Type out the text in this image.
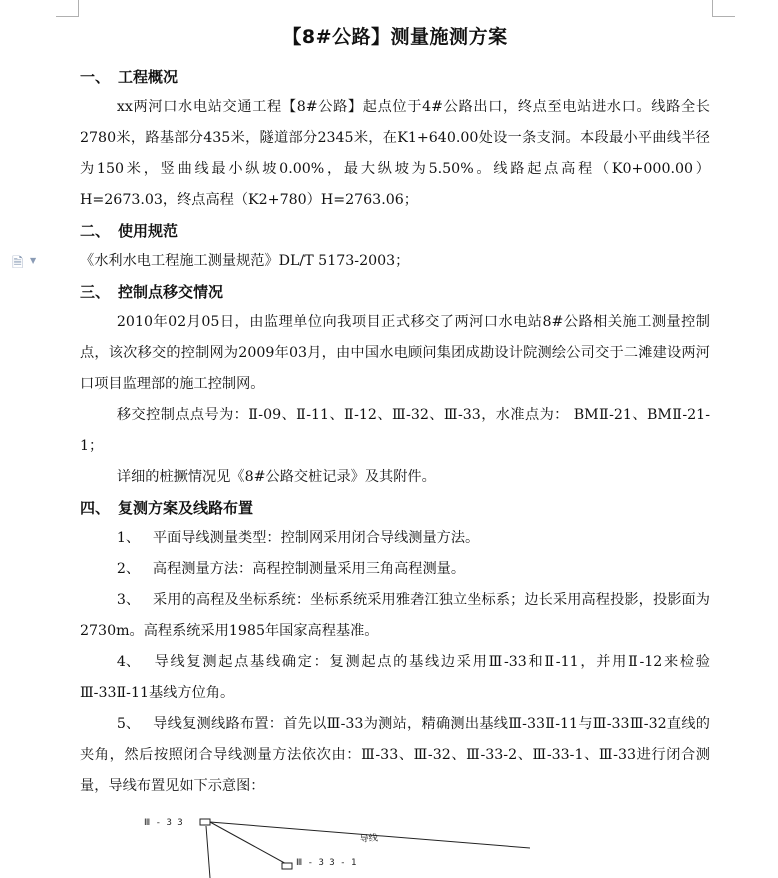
🗎 ▼
【8#公路】测量施测方案
一、 工程概况

xx两河口水电站交通工程【8#公路】起点位于4#公路出口，终点至电站进水口。线路全长2780米，路基部分435米，隧道部分2345米，在K1+640.00处设一条支洞。本段最小平曲线半径为150米，竖曲线最小纵坡0.00%，最大纵坡为5.50%。线路起点高程（K0+000.00）H=2673.03，终点高程（K2+780）H=2763.06；

二、 使用规范

《水利水电工程施工测量规范》DL/T 5173-2003；

三、 控制点移交情况

2010年02月05日，由监理单位向我项目正式移交了两河口水电站8#公路相关施工测量控制点，该次移交的控制网为2009年03月，由中国水电顾问集团成勘设计院测绘公司交于二滩建设两河口项目监理部的施工控制网。

移交控制点点号为：Ⅱ-09、Ⅱ-11、Ⅱ-12、Ⅲ-32、Ⅲ-33，水准点为： BMⅡ-21、BMⅡ-21-1；

详细的桩撅情况见《8#公路交桩记录》及其附件。

四、 复测方案及线路布置

1、 平面导线测量类型：控制网采用闭合导线测量方法。

2、 高程测量方法：高程控制测量采用三角高程测量。

3、 采用的高程及坐标系统：坐标系统采用雅砻江独立坐标系；边长采用高程投影，投影面为2730m。高程系统采用1985年国家高程基准。

4、 导线复测起点基线确定：复测起点的基线边采用Ⅲ-33和Ⅱ-11，并用Ⅱ-12来检验Ⅲ-33Ⅱ-11基线方位角。

5、 导线复测线路布置：首先以Ⅲ-33为测站，精确测出基线Ⅲ-33Ⅱ-11与Ⅲ-33Ⅲ-32直线的夹角，然后按照闭合导线测量方法依次由：Ⅲ-33、Ⅲ-32、Ⅲ-33-2、Ⅲ-33-1、Ⅲ-33进行闭合测量，导线布置见如下示意图：

Ⅲ - 3 3
Ⅲ - 3 3 - 1
导线
